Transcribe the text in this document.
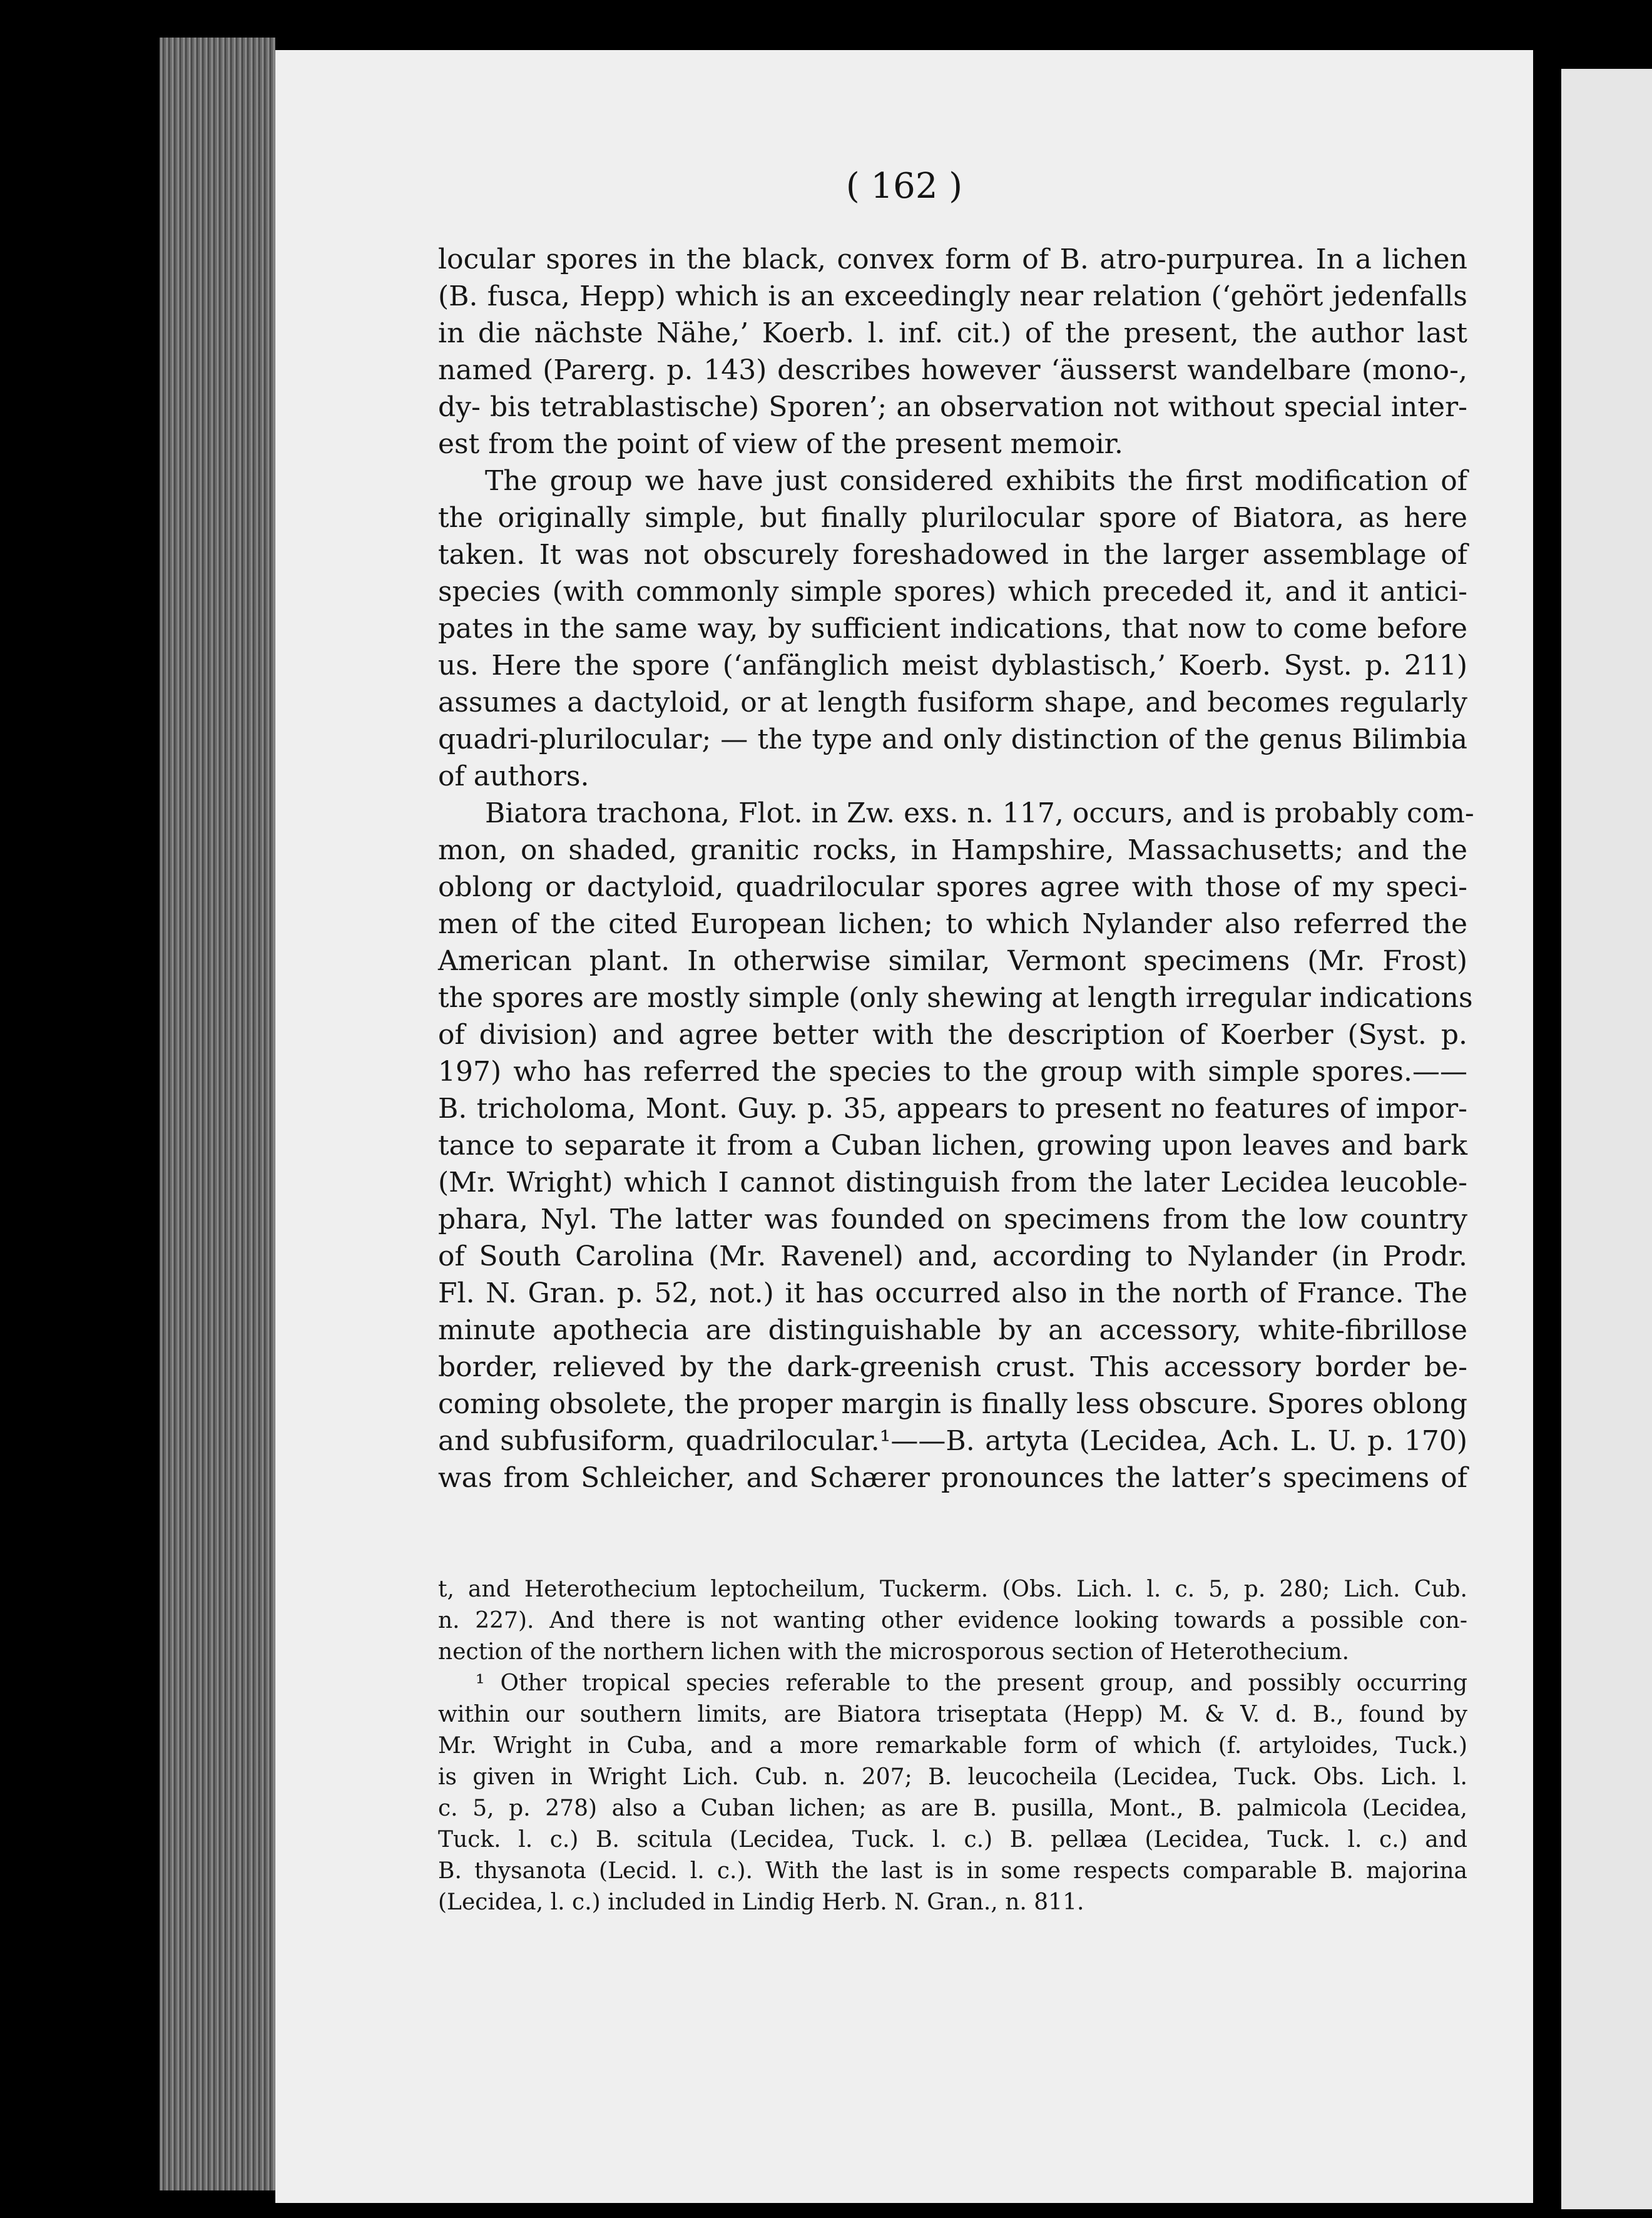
( 162 )
locular spores in the black, convex form of B. atro-purpurea. In a lichen
(B. fusca, Hepp) which is an exceedingly near relation (‘gehört jedenfalls
in die nächste Nähe,’ Koerb. l. inf. cit.) of the present, the author last
named (Parerg. p. 143) describes however ‘äusserst wandelbare (mono-,
dy- bis tetrablastische) Sporen’; an observation not without special inter-
est from the point of view of the present memoir.
The group we have just considered exhibits the first modification of
the originally simple, but finally plurilocular spore of Biatora, as here
taken. It was not obscurely foreshadowed in the larger assemblage of
species (with commonly simple spores) which preceded it, and it antici-
pates in the same way, by sufficient indications, that now to come before
us. Here the spore (‘anfänglich meist dyblastisch,’ Koerb. Syst. p. 211)
assumes a dactyloid, or at length fusiform shape, and becomes regularly
quadri-plurilocular; — the type and only distinction of the genus Bilimbia
of authors.
Biatora trachona, Flot. in Zw. exs. n. 117, occurs, and is probably com-
mon, on shaded, granitic rocks, in Hampshire, Massachusetts; and the
oblong or dactyloid, quadrilocular spores agree with those of my speci-
men of the cited European lichen; to which Nylander also referred the
American plant. In otherwise similar, Vermont specimens (Mr. Frost)
the spores are mostly simple (only shewing at length irregular indications
of division) and agree better with the description of Koerber (Syst. p.
197) who has referred the species to the group with simple spores.——
B. tricholoma, Mont. Guy. p. 35, appears to present no features of impor-
tance to separate it from a Cuban lichen, growing upon leaves and bark
(Mr. Wright) which I cannot distinguish from the later Lecidea leucoble-
phara, Nyl. The latter was founded on specimens from the low country
of South Carolina (Mr. Ravenel) and, according to Nylander (in Prodr.
Fl. N. Gran. p. 52, not.) it has occurred also in the north of France. The
minute apothecia are distinguishable by an accessory, white-fibrillose
border, relieved by the dark-greenish crust. This accessory border be-
coming obsolete, the proper margin is finally less obscure. Spores oblong
and subfusiform, quadrilocular.¹——B. artyta (Lecidea, Ach. L. U. p. 170)
was from Schleicher, and Schærer pronounces the latter’s specimens of
t, and Heterothecium leptocheilum, Tuckerm. (Obs. Lich. l. c. 5, p. 280; Lich. Cub.
n. 227). And there is not wanting other evidence looking towards a possible con-
nection of the northern lichen with the microsporous section of Heterothecium.
¹ Other tropical species referable to the present group, and possibly occurring
within our southern limits, are Biatora triseptata (Hepp) M. & V. d. B., found by
Mr. Wright in Cuba, and a more remarkable form of which (f. artyloides, Tuck.)
is given in Wright Lich. Cub. n. 207; B. leucocheila (Lecidea, Tuck. Obs. Lich. l.
c. 5, p. 278) also a Cuban lichen; as are B. pusilla, Mont., B. palmicola (Lecidea,
Tuck. l. c.) B. scitula (Lecidea, Tuck. l. c.) B. pellæa (Lecidea, Tuck. l. c.) and
B. thysanota (Lecid. l. c.). With the last is in some respects comparable B. majorina
(Lecidea, l. c.) included in Lindig Herb. N. Gran., n. 811.
